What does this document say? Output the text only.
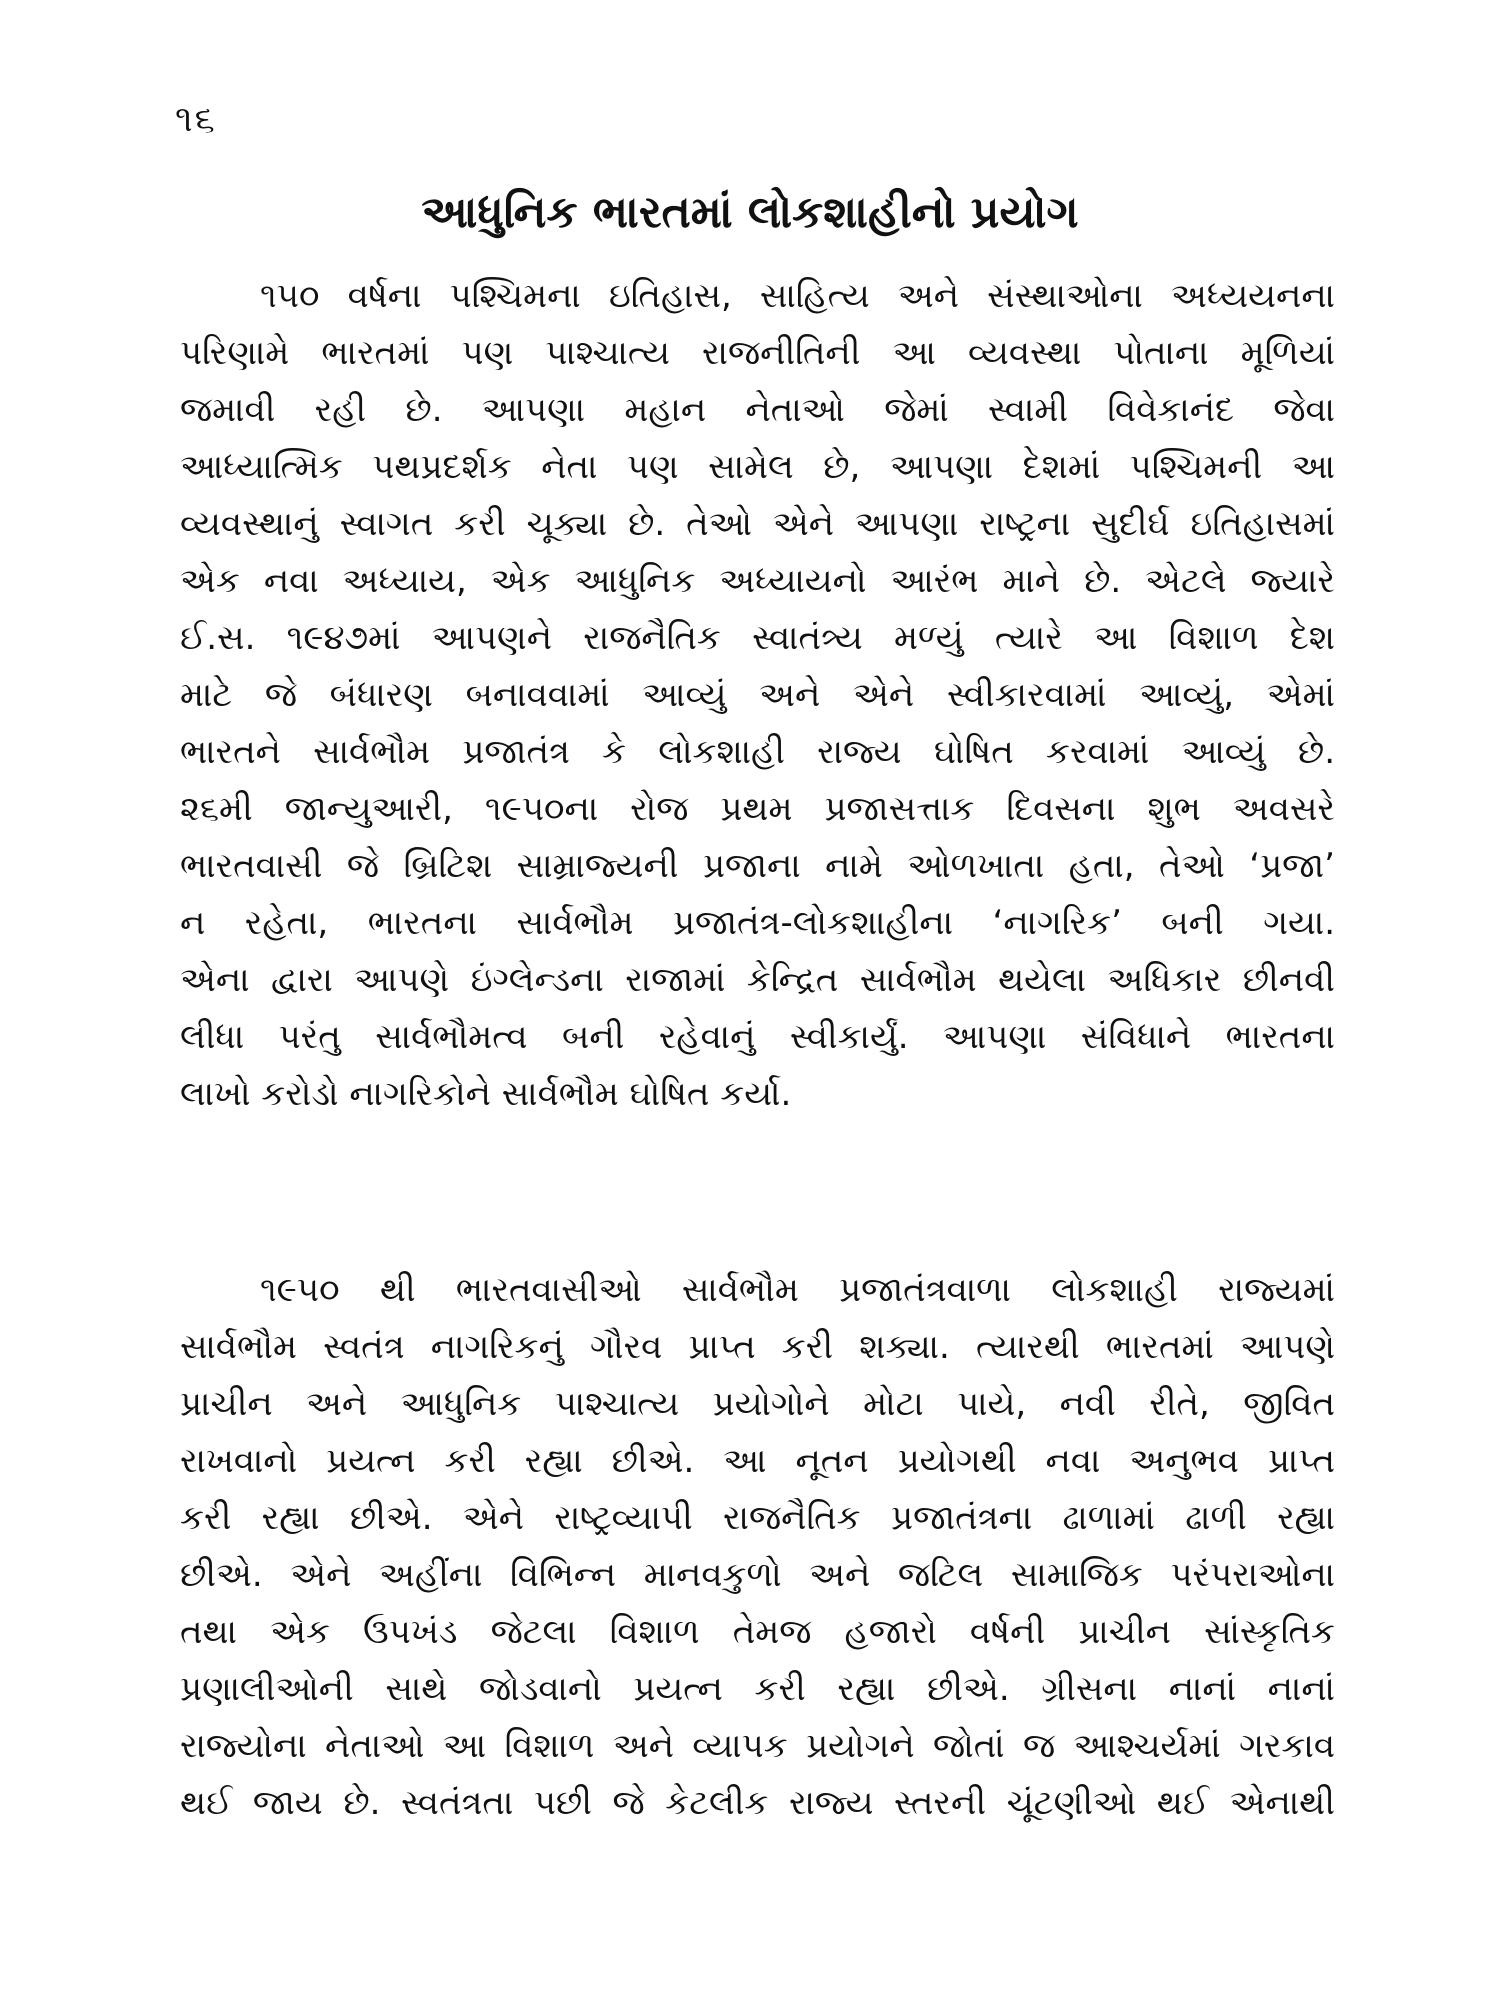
૧૬
આધુનિક ભારતમાં લોકશાહીનો પ્રયોગ
૧૫૦ વર્ષના પશ્ચિમના ઇતિહાસ, સાહિત્ય અને સંસ્થાઓના અધ્યયનના
પરિણામે ભારતમાં પણ પાશ્ચાત્ય રાજનીતિની આ વ્યવસ્થા પોતાના મૂળિયાં
જમાવી રહી છે. આપણા મહાન નેતાઓ જેમાં સ્વામી વિવેકાનંદ જેવા
આધ્યાત્મિક પથપ્રદર્શક નેતા પણ સામેલ છે, આપણા દેશમાં પશ્ચિમની આ
વ્યવસ્થાનું સ્વાગત કરી ચૂક્યા છે. તેઓ એને આપણા રાષ્ટ્રના સુદીર્ઘ ઇતિહાસમાં
એક નવા અધ્યાય, એક આધુનિક અધ્યાયનો આરંભ માને છે. એટલે જ્યારે
ઈ.સ. ૧૯૪૭માં આપણને રાજનૈતિક સ્વાતંત્ર્ય મળ્યું ત્યારે આ વિશાળ દેશ
માટે જે બંધારણ બનાવવામાં આવ્યું અને એને સ્વીકારવામાં આવ્યું, એમાં
ભારતને સાર્વભૌમ પ્રજાતંત્ર કે લોકશાહી રાજ્ય ઘોષિત કરવામાં આવ્યું છે.
૨૬મી જાન્યુઆરી, ૧૯૫૦ના રોજ પ્રથમ પ્રજાસત્તાક દિવસના શુભ અવસરે
ભારતવાસી જે બ્રિટિશ સામ્રાજ્યની પ્રજાના નામે ઓળખાતા હતા, તેઓ ‘પ્રજા’
ન રહેતા, ભારતના સાર્વભૌમ પ્રજાતંત્ર-લોકશાહીના ‘નાગરિક’ બની ગયા.
એના દ્વારા આપણે ઇંગ્લેન્ડના રાજામાં કેન્દ્રિત સાર્વભૌમ થયેલા અધિકાર છીનવી
લીધા પરંતુ સાર્વભૌમત્વ બની રહેવાનું સ્વીકાર્યું. આપણા સંવિધાને ભારતના
લાખો કરોડો નાગરિકોને સાર્વભૌમ ઘોષિત કર્યા.
૧૯૫૦ થી ભારતવાસીઓ સાર્વભૌમ પ્રજાતંત્રવાળા લોકશાહી રાજ્યમાં
સાર્વભૌમ સ્વતંત્ર નાગરિકનું ગૌરવ પ્રાપ્ત કરી શક્યા. ત્યારથી ભારતમાં આપણે
પ્રાચીન અને આધુનિક પાશ્ચાત્ય પ્રયોગોને મોટા પાયે, નવી રીતે, જીવિત
રાખવાનો પ્રયત્ન કરી રહ્યા છીએ. આ નૂતન પ્રયોગથી નવા અનુભવ પ્રાપ્ત
કરી રહ્યા છીએ. એને રાષ્ટ્રવ્યાપી રાજનૈતિક પ્રજાતંત્રના ઢાળામાં ઢાળી રહ્યા
છીએ. એને અહીંના વિભિન્ન માનવકુળો અને જટિલ સામાજિક પરંપરાઓના
તથા એક ઉપખંડ જેટલા વિશાળ તેમજ હજારો વર્ષની પ્રાચીન સાંસ્કૃતિક
પ્રણાલીઓની સાથે જોડવાનો પ્રયત્ન કરી રહ્યા છીએ. ગ્રીસના નાનાં નાનાં
રાજ્યોના નેતાઓ આ વિશાળ અને વ્યાપક પ્રયોગને જોતાં જ આશ્ચર્યમાં ગરકાવ
થઈ જાય છે. સ્વતંત્રતા પછી જે કેટલીક રાજ્ય સ્તરની ચૂંટણીઓ થઈ એનાથી
